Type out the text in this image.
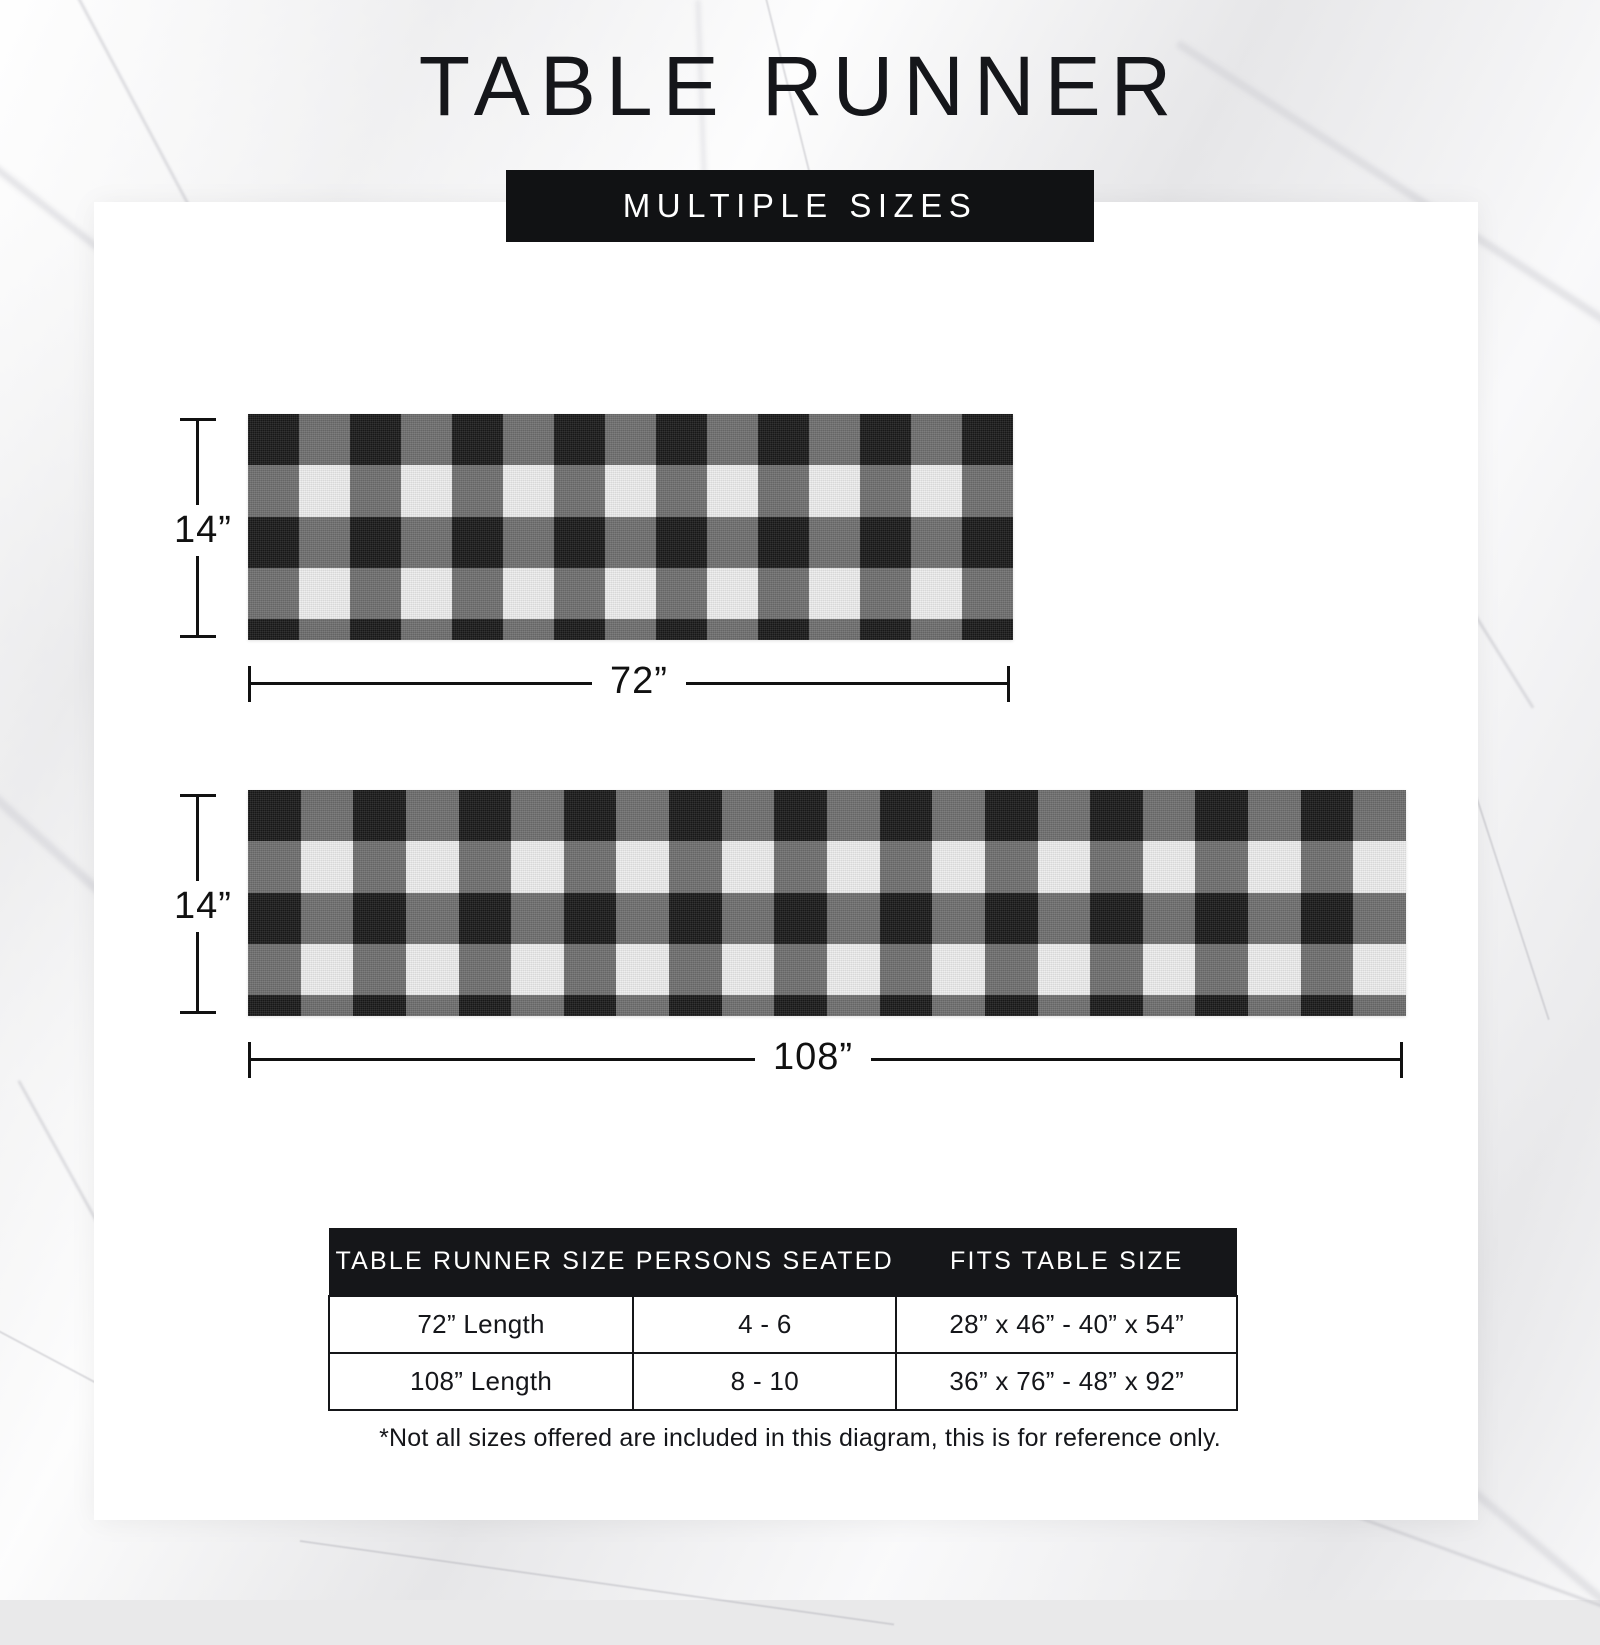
TABLE RUNNER
MULTIPLE SIZES
14”
72”
14”
108”
TABLE RUNNER SIZE	PERSONS SEATED	FITS TABLE SIZE
72” Length	4 - 6	28” x 46” - 40” x 54”
108” Length	8 - 10	36” x 76” - 48” x 92”
*Not all sizes offered are included in this diagram, this is for reference only.
